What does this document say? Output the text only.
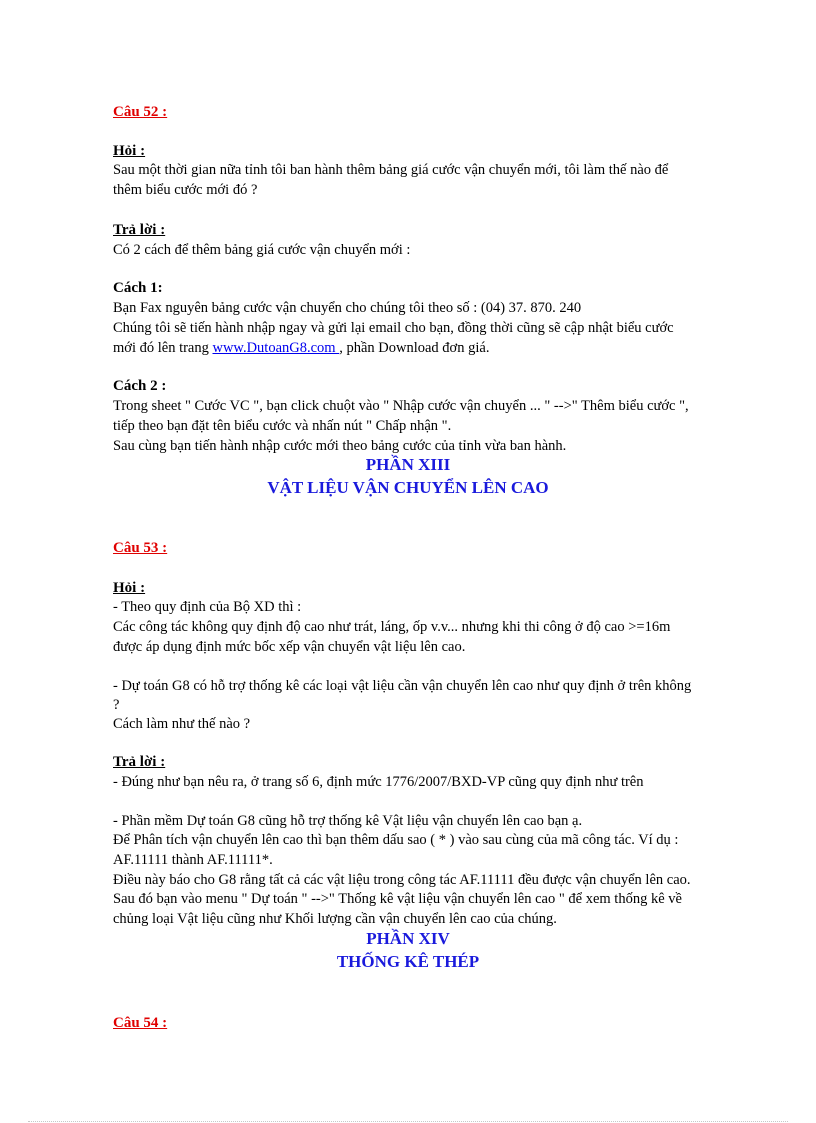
Câu 52 :
Hỏi :
Sau một thời gian nữa tỉnh tôi ban hành thêm bảng giá cước vận chuyển mới, tôi làm thế nào để
thêm biểu cước mới đó ?
Trả lời :
Có 2 cách để thêm bảng giá cước vận chuyển mới :
Cách 1:
Bạn Fax nguyên bảng cước vận chuyển cho chúng tôi theo số : (04) 37. 870. 240
Chúng tôi sẽ tiến hành nhập ngay và gửi lại email cho bạn, đồng thời cũng sẽ cập nhật biểu cước
mới đó lên trang www.DutoanG8.com , phần Download đơn giá.
Cách 2 :
Trong sheet " Cước VC ", bạn click chuột vào " Nhập cước vận chuyển ... " -->" Thêm biểu cước ",
tiếp theo bạn đặt tên biểu cước và nhấn nút " Chấp nhận ".
Sau cùng bạn tiến hành nhập cước mới theo bảng cước của tỉnh vừa ban hành.
PHẦN XIII
VẬT LIỆU VẬN CHUYỂN LÊN CAO
Câu 53 :
Hỏi :
- Theo quy định của Bộ XD thì :
Các công tác không quy định độ cao như trát, láng, ốp v.v... nhưng khi thi công ở độ cao >=16m
được áp dụng định mức bốc xếp vận chuyển vật liệu lên cao.
- Dự toán G8 có hỗ trợ thống kê các loại vật liệu cần vận chuyển lên cao như quy định ở trên không
?
Cách làm như thế nào ?
Trả lời :
- Đúng như bạn nêu ra, ở trang số 6, định mức 1776/2007/BXD-VP cũng quy định như trên
- Phần mềm Dự toán G8 cũng hỗ trợ thống kê Vật liệu vận chuyển lên cao bạn ạ.
Để Phân tích vận chuyển lên cao thì bạn thêm dấu sao ( * ) vào sau cùng của mã công tác. Ví dụ :
AF.11111 thành AF.11111*.
Điều này báo cho G8 rằng tất cả các vật liệu trong công tác AF.11111 đều được vận chuyển lên cao.
Sau đó bạn vào menu " Dự toán " -->" Thống kê vật liệu vận chuyển lên cao " để xem thống kê về
chủng loại Vật liệu cũng như Khối lượng cần vận chuyển lên cao của chúng.
PHẦN XIV
THỐNG KÊ THÉP
Câu 54 :
